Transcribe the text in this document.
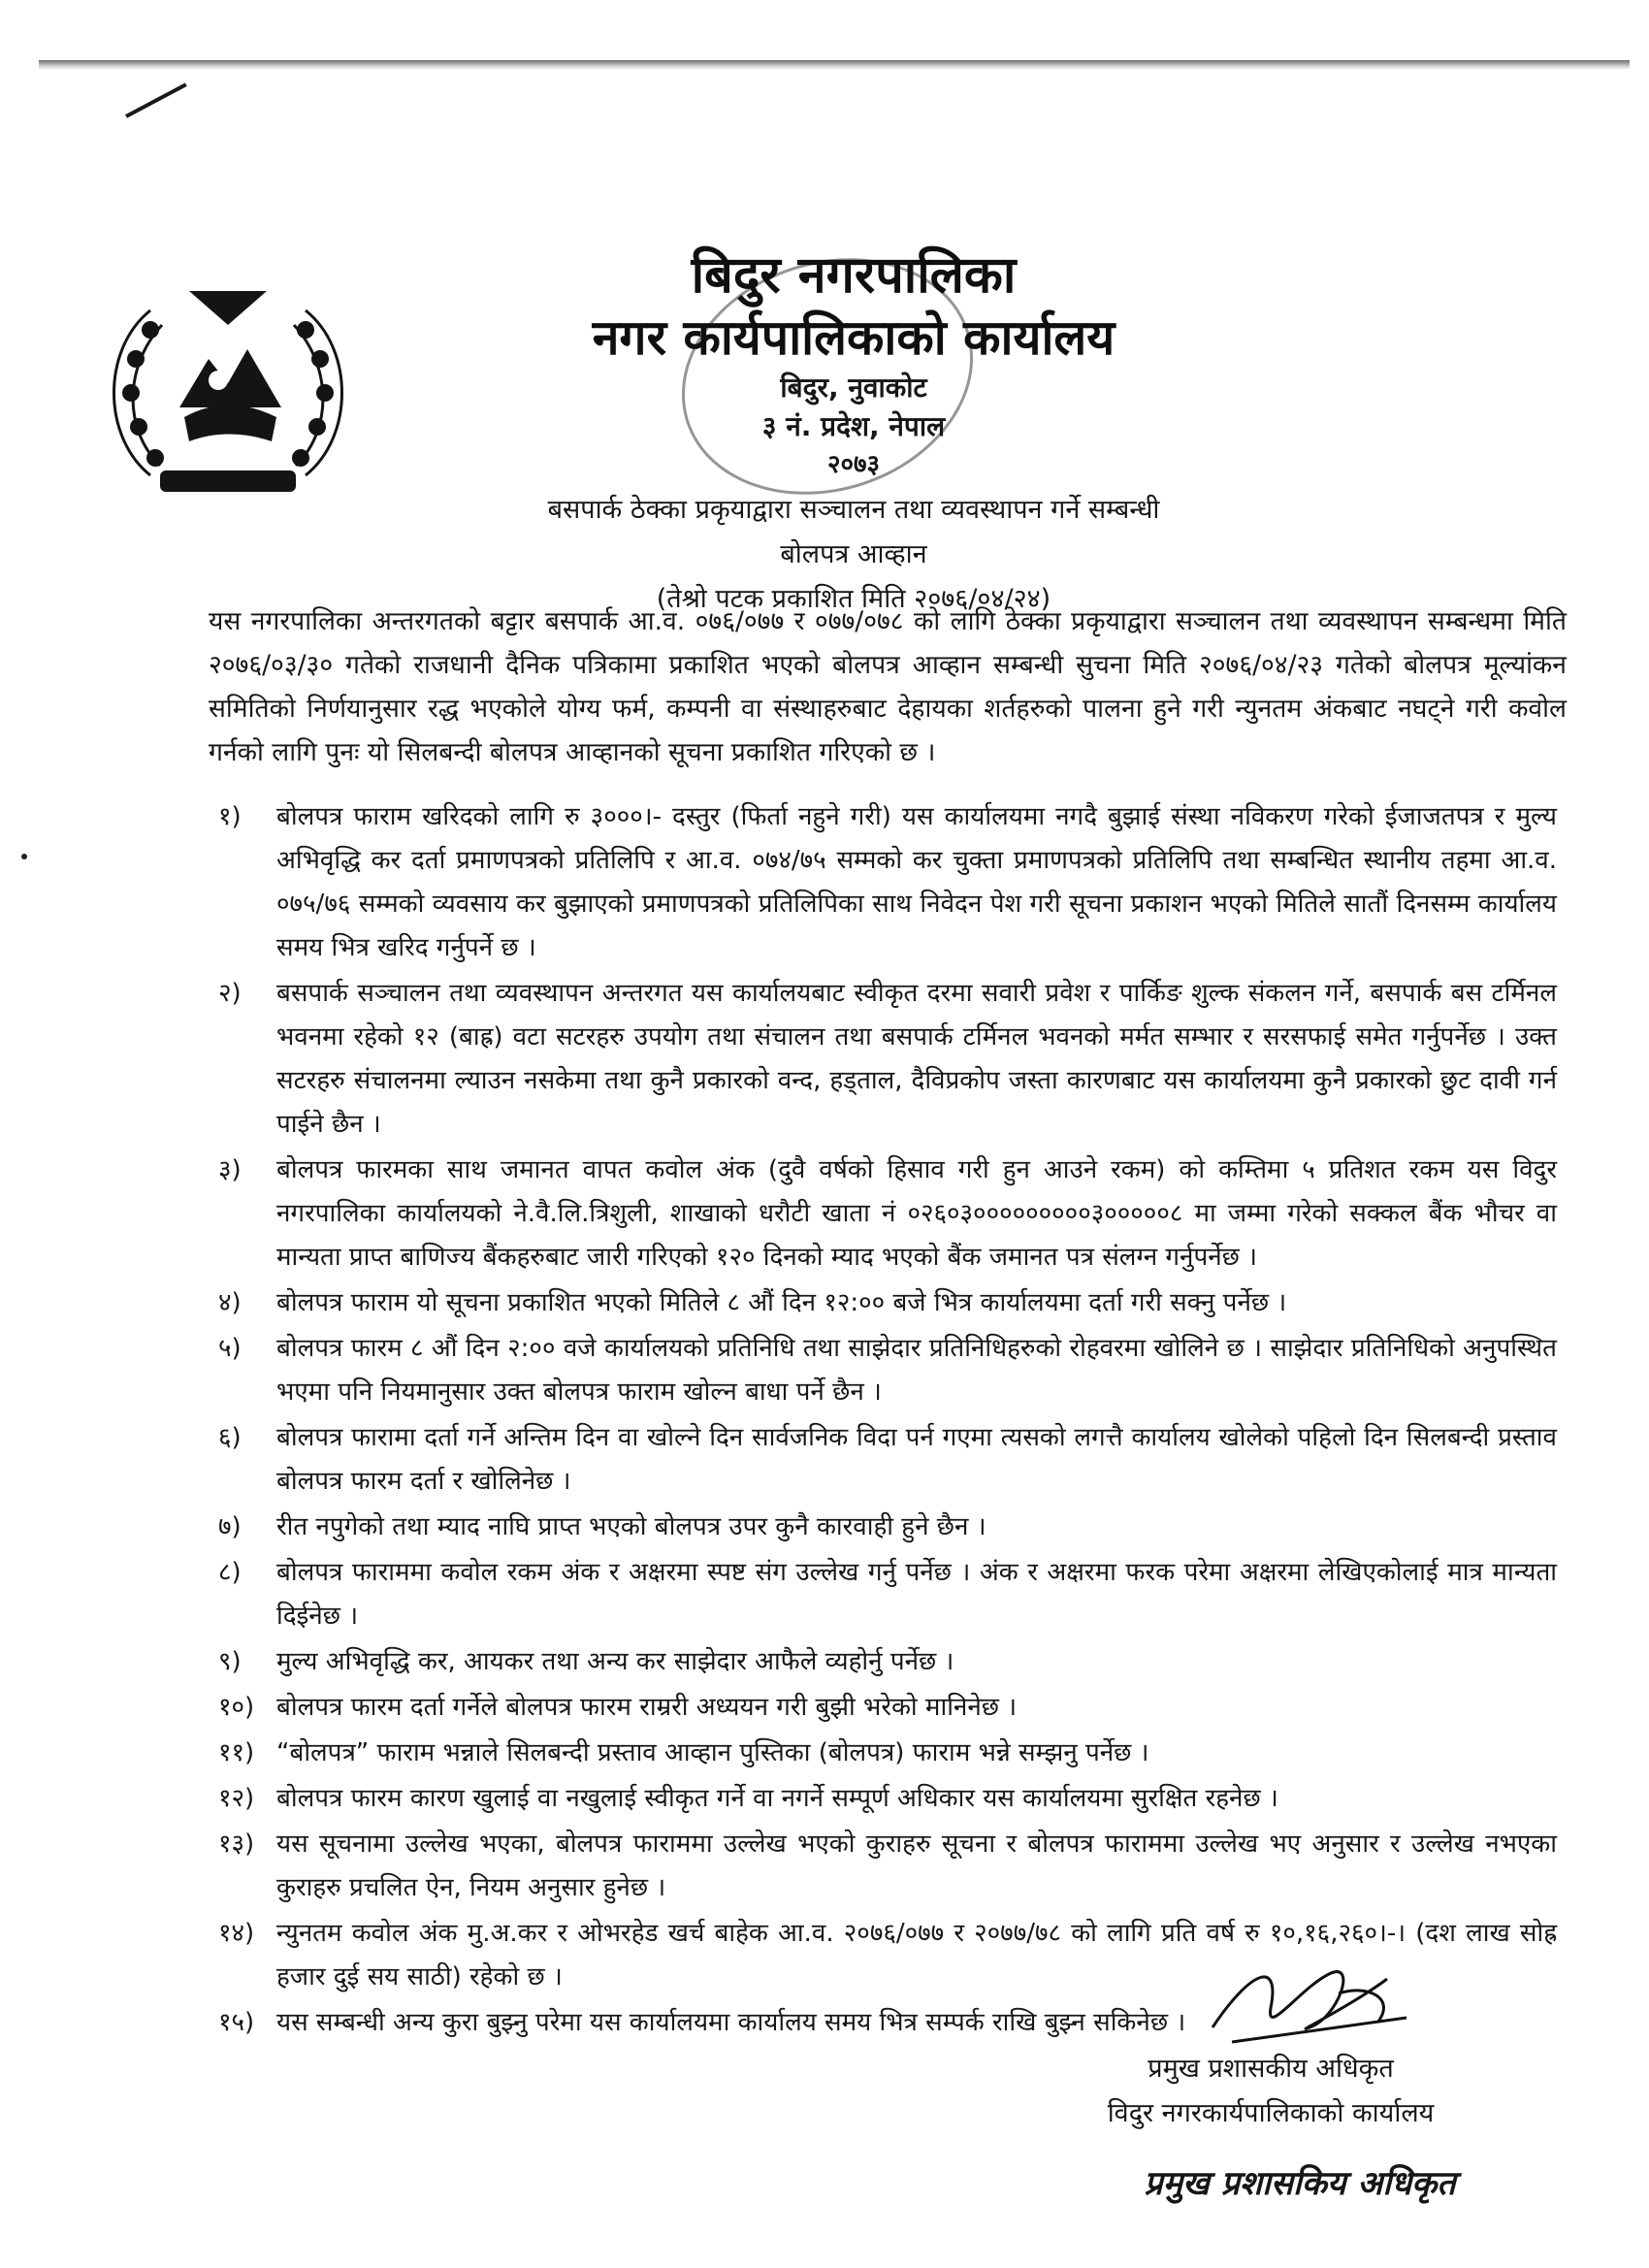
बिदुर नगरपालिका
नगर कार्यपालिकाको कार्यालय
बिदुर, नुवाकोट
३ नं. प्रदेश, नेपाल
२०७३
बसपार्क ठेक्का प्रकृयाद्वारा सञ्चालन तथा व्यवस्थापन गर्ने सम्बन्धी
बोलपत्र आव्हान
(तेश्रो पटक प्रकाशित मिति २०७६/०४/२४)
यस नगरपालिका अन्तरगतको बट्टार बसपार्क आ.व. ०७६/०७७ र ०७७/०७८ को लागि ठेक्का प्रकृयाद्वारा सञ्चालन तथा व्यवस्थापन सम्बन्धमा मिति २०७६/०३/३० गतेको राजधानी दैनिक पत्रिकामा प्रकाशित भएको बोलपत्र आव्हान सम्बन्धी सुचना मिति २०७६/०४/२३ गतेको बोलपत्र मूल्यांकन समितिको निर्णयानुसार रद्ध भएकोले योग्य फर्म, कम्पनी वा संस्थाहरुबाट देहायका शर्तहरुको पालना हुने गरी न्युनतम अंकबाट नघट्ने गरी कवोल गर्नको लागि पुनः यो सिलबन्दी बोलपत्र आव्हानको सूचना प्रकाशित गरिएको छ ।
१)	बोलपत्र फाराम खरिदको लागि रु ३०००।- दस्तुर (फिर्ता नहुने गरी) यस कार्यालयमा नगदै बुझाई संस्था नविकरण गरेको ईजाजतपत्र र मुल्य अभिवृद्धि कर दर्ता प्रमाणपत्रको प्रतिलिपि र आ.व. ०७४/७५ सम्मको कर चुक्ता प्रमाणपत्रको प्रतिलिपि तथा सम्बन्धित स्थानीय तहमा आ.व. ०७५/७६ सम्मको व्यवसाय कर बुझाएको प्रमाणपत्रको प्रतिलिपिका साथ निवेदन पेश गरी सूचना प्रकाशन भएको मितिले सातौं दिनसम्म कार्यालय समय भित्र खरिद गर्नुपर्ने छ ।
२)	बसपार्क सञ्चालन तथा व्यवस्थापन अन्तरगत यस कार्यालयबाट स्वीकृत दरमा सवारी प्रवेश र पार्किङ शुल्क संकलन गर्ने, बसपार्क बस टर्मिनल भवनमा रहेको १२ (बाह्र) वटा सटरहरु उपयोग तथा संचालन तथा बसपार्क टर्मिनल भवनको मर्मत सम्भार र सरसफाई समेत गर्नुपर्नेछ । उक्त सटरहरु संचालनमा ल्याउन नसकेमा तथा कुनै प्रकारको वन्द, हड्ताल, दैविप्रकोप जस्ता कारणबाट यस कार्यालयमा कुनै प्रकारको छुट दावी गर्न पाईने छैन ।
३)	बोलपत्र फारमका साथ जमानत वापत कवोल अंक (दुवै वर्षको हिसाव गरी हुन आउने रकम) को कम्तिमा ५ प्रतिशत रकम यस विदुर नगरपालिका कार्यालयको ने.वै.लि.त्रिशुली, शाखाको धरौटी खाता नं ०२६०३०००००००००३०००००८ मा जम्मा गरेको सक्कल बैंक भौचर वा मान्यता प्राप्त बाणिज्य बैंकहरुबाट जारी गरिएको १२० दिनको म्याद भएको बैंक जमानत पत्र संलग्न गर्नुपर्नेछ ।
४)	बोलपत्र फाराम यो सूचना प्रकाशित भएको मितिले ८ औं दिन १२:०० बजे भित्र कार्यालयमा दर्ता गरी सक्नु पर्नेछ ।
५)	बोलपत्र फारम ८ औं दिन २:०० वजे कार्यालयको प्रतिनिधि तथा साझेदार प्रतिनिधिहरुको रोहवरमा खोलिने छ । साझेदार प्रतिनिधिको अनुपस्थित भएमा पनि नियमानुसार उक्त बोलपत्र फाराम खोल्न बाधा पर्ने छैन ।
६)	बोलपत्र फारामा दर्ता गर्ने अन्तिम दिन वा खोल्ने दिन सार्वजनिक विदा पर्न गएमा त्यसको लगत्तै कार्यालय खोलेको पहिलो दिन सिलबन्दी प्रस्ताव बोलपत्र फारम दर्ता र खोलिनेछ ।
७)	रीत नपुगेको तथा म्याद नाघि प्राप्त भएको बोलपत्र उपर कुनै कारवाही हुने छैन ।
८)	बोलपत्र फाराममा कवोल रकम अंक र अक्षरमा स्पष्ट संग उल्लेख गर्नु पर्नेछ । अंक र अक्षरमा फरक परेमा अक्षरमा लेखिएकोलाई मात्र मान्यता दिईनेछ ।
९)	मुल्य अभिवृद्धि कर, आयकर तथा अन्य कर साझेदार आफैले व्यहोर्नु पर्नेछ ।
१०) बोलपत्र फारम दर्ता गर्नेले बोलपत्र फारम राम्ररी अध्ययन गरी बुझी भरेको मानिनेछ ।
११) “बोलपत्र” फाराम भन्नाले सिलबन्दी प्रस्ताव आव्हान पुस्तिका (बोलपत्र) फाराम भन्ने सम्झनु पर्नेछ ।
१२) बोलपत्र फारम कारण खुलाई वा नखुलाई स्वीकृत गर्ने वा नगर्ने सम्पूर्ण अधिकार यस कार्यालयमा सुरक्षित रहनेछ ।
१३) यस सूचनामा उल्लेख भएका, बोलपत्र फाराममा उल्लेख भएको कुराहरु सूचना र बोलपत्र फाराममा उल्लेख भए अनुसार र उल्लेख नभएका कुराहरु प्रचलित ऐन, नियम अनुसार हुनेछ ।
१४) न्युनतम कवोल अंक मु.अ.कर र ओभरहेड खर्च बाहेक आ.व. २०७६/०७७ र २०७७/७८ को लागि प्रति वर्ष रु १०,१६,२६०।-। (दश लाख सोह्र हजार दुई सय साठी) रहेको छ ।
१५) यस सम्बन्धी अन्य कुरा बुझ्नु परेमा यस कार्यालयमा कार्यालय समय भित्र सम्पर्क राखि बुझ्न सकिनेछ ।
प्रमुख प्रशासकीय अधिकृत
विदुर नगरकार्यपालिकाको कार्यालय
प्रमुख प्रशासकिय अधिकृत
